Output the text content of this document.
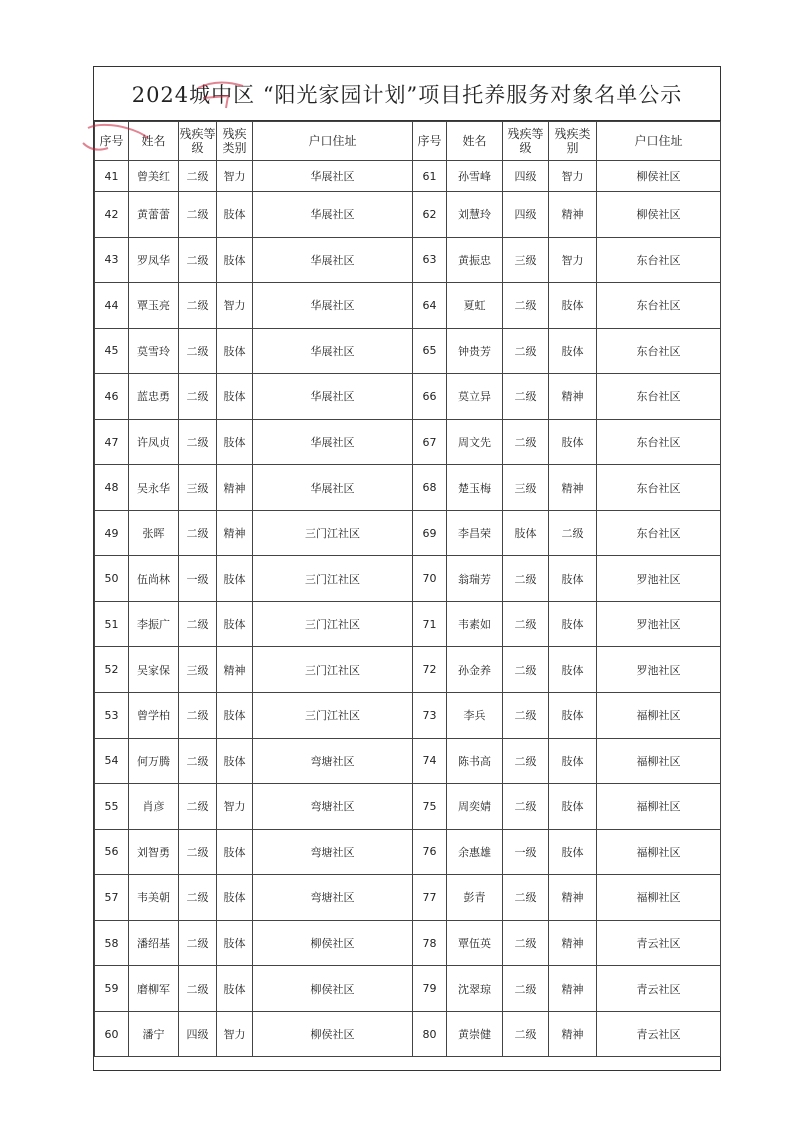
2024城中区 “阳光家园计划”项目托养服务对象名单公示
序号	姓名	残疾等级	残疾类别	户口住址	序号	姓名	残疾等级	残疾类别	户口住址
41	曾美红	二级	智力	华展社区	61	孙雪峰	四级	智力	柳侯社区
42	黄蕾蕾	二级	肢体	华展社区	62	刘慧玲	四级	精神	柳侯社区
43	罗凤华	二级	肢体	华展社区	63	黄振忠	三级	智力	东台社区
44	覃玉亮	二级	智力	华展社区	64	夏虹	二级	肢体	东台社区
45	莫雪玲	二级	肢体	华展社区	65	钟贵芳	二级	肢体	东台社区
46	蓝忠勇	二级	肢体	华展社区	66	莫立异	二级	精神	东台社区
47	许凤贞	二级	肢体	华展社区	67	周文先	二级	肢体	东台社区
48	吴永华	三级	精神	华展社区	68	楚玉梅	三级	精神	东台社区
49	张晖	二级	精神	三门江社区	69	李昌荣	肢体	二级	东台社区
50	伍尚林	一级	肢体	三门江社区	70	翁瑞芳	二级	肢体	罗池社区
51	李振广	二级	肢体	三门江社区	71	韦素如	二级	肢体	罗池社区
52	吴家保	三级	精神	三门江社区	72	孙金养	二级	肢体	罗池社区
53	曾学柏	二级	肢体	三门江社区	73	李兵	二级	肢体	福柳社区
54	何万腾	二级	肢体	弯塘社区	74	陈书高	二级	肢体	福柳社区
55	肖彦	二级	智力	弯塘社区	75	周奕婧	二级	肢体	福柳社区
56	刘智勇	二级	肢体	弯塘社区	76	余惠雄	一级	肢体	福柳社区
57	韦美朝	二级	肢体	弯塘社区	77	彭青	二级	精神	福柳社区
58	潘绍基	二级	肢体	柳侯社区	78	覃伍英	二级	精神	青云社区
59	磨柳军	二级	肢体	柳侯社区	79	沈翠琼	二级	精神	青云社区
60	潘宁	四级	智力	柳侯社区	80	黄崇健	二级	精神	青云社区
